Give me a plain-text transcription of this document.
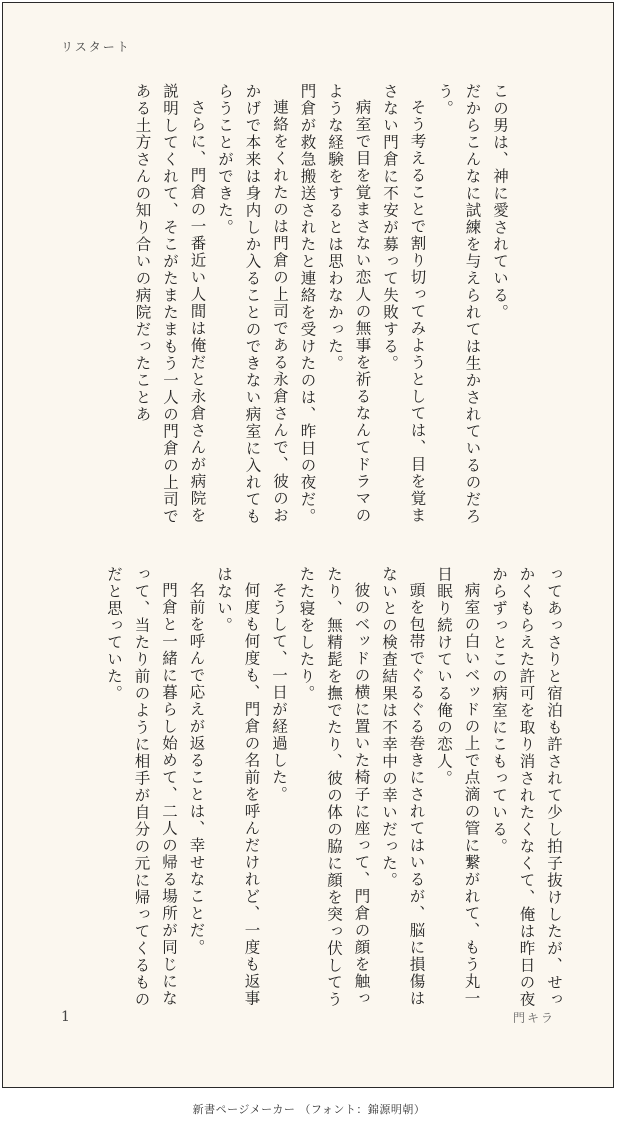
リスタート

この男は、神に愛されている。

だからこんなに試練を与えられては生かされているのだろう。

そう考えることで割り切ってみようとしては、目を覚まさない門倉に不安が募って失敗する。

病室で目を覚まさない恋人の無事を祈るなんてドラマのような経験をするとは思わなかった。

門倉が救急搬送されたと連絡を受けたのは、昨日の夜だ。

連絡をくれたのは門倉の上司である永倉さんで、彼のおかげで本来は身内しか入ることのできない病室に入れてもらうことができた。

さらに、門倉の一番近い人間は俺だと永倉さんが病院を説明してくれて、そこがたまたまもう一人の門倉の上司である土方さんの知り合いの病院だったことあ

ってあっさりと宿泊も許されて少し拍子抜けしたが、せっかくもらえた許可を取り消されたくなくて、俺は昨日の夜からずっとこの病室にこもっている。

病室の白いベッドの上で点滴の管に繋がれて、もう丸一日眠り続けている俺の恋人。

頭を包帯でぐるぐる巻きにされてはいるが、脳に損傷はないとの検査結果は不幸中の幸いだった。

彼のベッドの横に置いた椅子に座って、門倉の顔を触ったり、無精髭を撫でたり、彼の体の脇に顔を突っ伏してうたた寝をしたり。

そうして、一日が経過した。

何度も何度も、門倉の名前を呼んだけれど、一度も返事はない。

名前を呼んで応えが返ることは、幸せなことだ。

門倉と一緒に暮らし始めて、二人の帰る場所が同じになって、当たり前のように相手が自分の元に帰ってくるものだと思っていた。

1	門キラ
新書ページメーカー （フォント：錦源明朝）
